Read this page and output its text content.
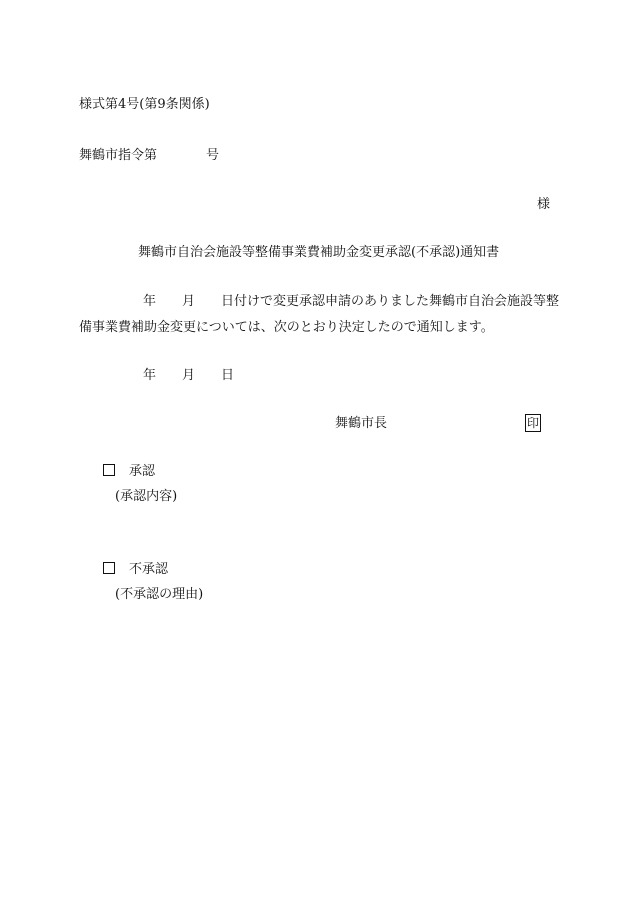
様式第4号(第9条関係)
舞鶴市指令第	号
様
舞鶴市自治会施設等整備事業費補助金変更承認(不承認)通知書
年 月 日付けで変更承認申請のありました舞鶴市自治会施設等整
備事業費補助金変更については、次のとおり決定したので通知します。
年 月 日
舞鶴市長	印
承認
(承認内容)
不承認
(不承認の理由)
